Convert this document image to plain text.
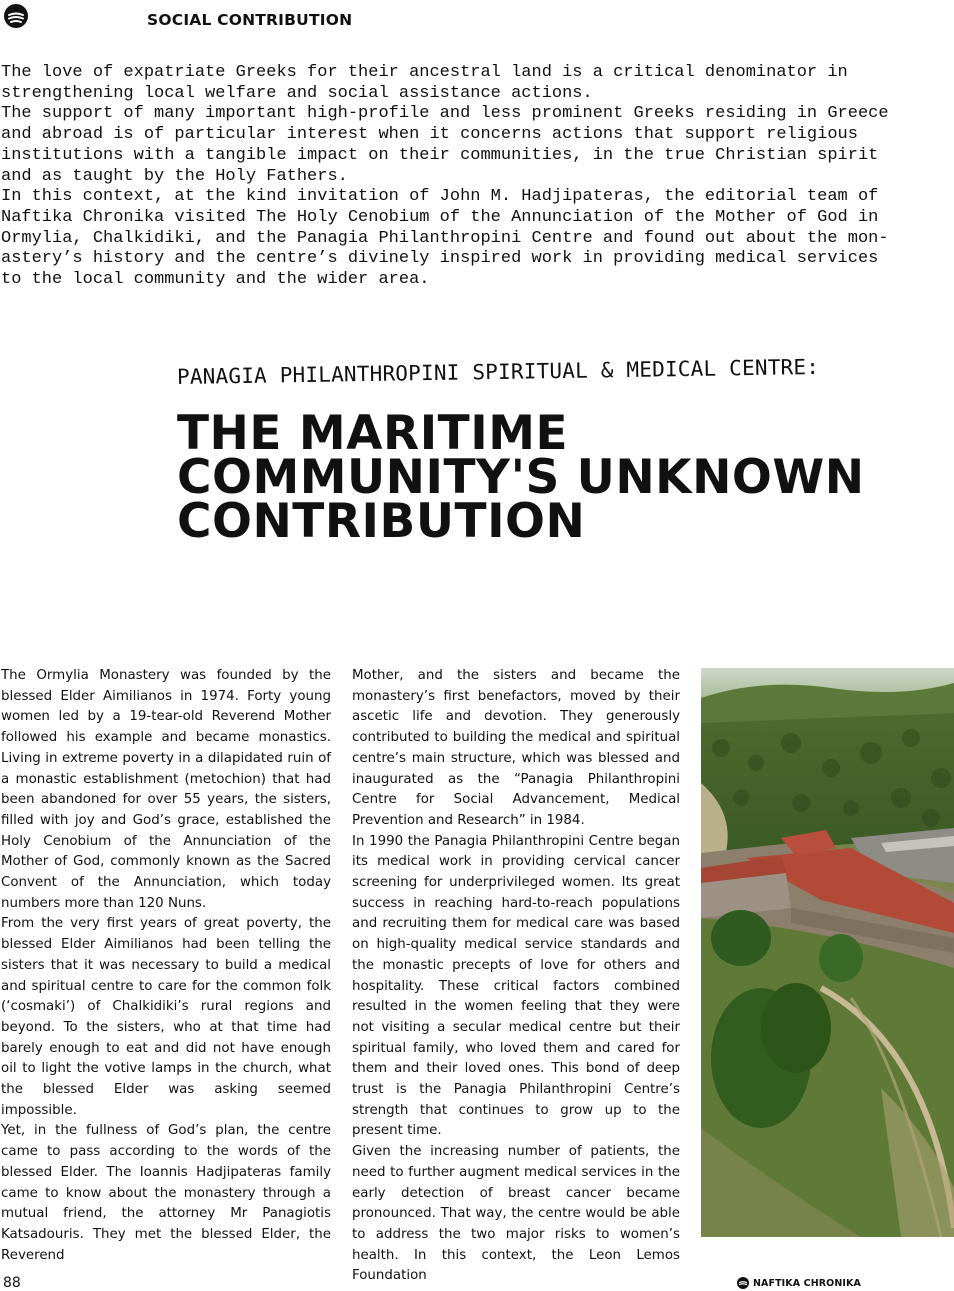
SOCIAL CONTRIBUTION

The love of expatriate Greeks for their ancestral land is a critical denominator in
strengthening local welfare and social assistance actions.

The support of many important high-profile and less prominent Greeks residing in Greece
and abroad is of particular interest when it concerns actions that support religious
institutions with a tangible impact on their communities, in the true Christian spirit
and as taught by the Holy Fathers.

In this context, at the kind invitation of John M. Hadjipateras, the editorial team of
Naftika Chronika visited The Holy Cenobium of the Annunciation of the Mother of God in
Ormylia, Chalkidiki, and the Panagia Philanthropini Centre and found out about the mon-
astery’s history and the centre’s divinely inspired work in providing medical services
to the local community and the wider area.

PANAGIA PHILANTHROPINI SPIRITUAL & MEDICAL CENTRE:
THE MARITIME
COMMUNITY'S UNKNOWN
CONTRIBUTION

The Ormylia Monastery was founded by the blessed Elder Aimilianos in 1974. Forty young women led by a 19-tear-old Reverend Mother followed his example and became monastics. Living in extreme poverty in a dilapidated ruin of a monastic establishment (metochion) that had been abandoned for over 55 years, the sisters, filled with joy and God’s grace, established the Holy Cenobium of the Annunciation of the Mother of God, commonly known as the Sacred Convent of the Annunciation, which today numbers more than 120 Nuns.

From the very first years of great poverty, the blessed Elder Aimilianos had been telling the sisters that it was necessary to build a medical and spiritual centre to care for the common folk (‘cosmaki’) of Chalkidiki’s rural regions and beyond. To the sisters, who at that time had barely enough to eat and did not have enough oil to light the votive lamps in the church, what the blessed Elder was asking seemed impossible.

Yet, in the fullness of God’s plan, the centre came to pass according to the words of the blessed Elder. The Ioannis Hadjipateras family came to know about the monastery through a mutual friend, the attorney Mr Panagiotis Katsadouris. They met the blessed Elder, the Reverend

Mother, and the sisters and became the monastery’s first benefactors, moved by their ascetic life and devotion. They generously contributed to building the medical and spiritual centre’s main structure, which was blessed and inaugurated as the “Panagia Philanthropini Centre for Social Advancement, Medical Prevention and Research” in 1984.

In 1990 the Panagia Philanthropini Centre began its medical work in providing cervical cancer screening for underprivileged women. Its great success in reaching hard-to-reach populations and recruiting them for medical care was based on high-quality medical service standards and the monastic precepts of love for others and hospitality. These critical factors combined resulted in the women feeling that they were not visiting a secular medical centre but their spiritual family, who loved them and cared for them and their loved ones. This bond of deep trust is the Panagia Philanthropini Centre’s strength that continues to grow up to the present time.

Given the increasing number of patients, the need to further augment medical services in the early detection of breast cancer became pronounced. That way, the centre would be able to address the two major risks to women’s health. In this context, the Leon Lemos Foundation

88	NAFTIKA CHRONIKA
